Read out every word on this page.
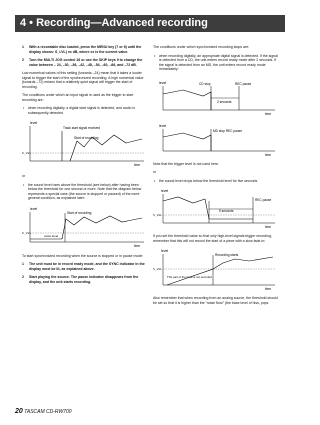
4 • Recording—Advanced recording
1 With a recordable disc loaded, press the MENU key (7 or 6) until the display shows: S_LVL) xx dB, where xx is the current value.
2 Turn the MULTI JOG control 16 or use the SKIP keys 9 to change the value between – 24, –30, –36, –42, –48, –54, –60, –66, and –72 dB.

Low numerical values of this setting (towards –24) mean that it takes a louder signal to trigger the start of the synchronized recording. A high numerical value (towards –72) means that a relatively quiet signal will trigger the start of recording.

The conditions under which an input signal is used as the trigger to start recording are:

• when recording digitally, a digital start signal is detected, and audio is subsequently detected
level
S_LVL
Track start signal received
Start of recording
time
or
• the sound level rises above the threshold (see below) after having been below the threshold for one second or more. Note that the diagram below represents a special case (the source is stopped or paused) of the more general condition, as explained later:
level
S_LVL
Start of recording
noise level
time

To start synchronized recording when the source is stopped or in pause mode:

1 The unit must be in record ready mode, and the SYNC indicator in the display must be lit, as explained above.
2 Start playing the source. The pause indicator disappears from the display, and the unit starts recording.

The conditions under which synchronized recording stops are:

• when recording digitally, an appropriate digital signal is detected. If the signal is detected from a CD, the unit enters record ready mode after 2 seconds. If the signal is detected from an MD, the unit enters record ready mode immediately:
level	CD stop	REC pause
2 seconds
time
level
MD stop REC pause
time

Note that the trigger level is not used here.

or
• the sound level drops below the threshold level for five seconds
level
S_LVL
REC pause
5 seconds
time

If you set the threshold value so that only high-level signals trigger recording, remember that this will not record the start of a piece with a slow fade-in:

level
S_LVL
Recording starts
This part of the track is not recorded
time

Also remember that when recording from an analog source, the threshold should be set so that it is higher than the “noise floor” (the base level of hiss, pops

20 TASCAM CD-RW700
